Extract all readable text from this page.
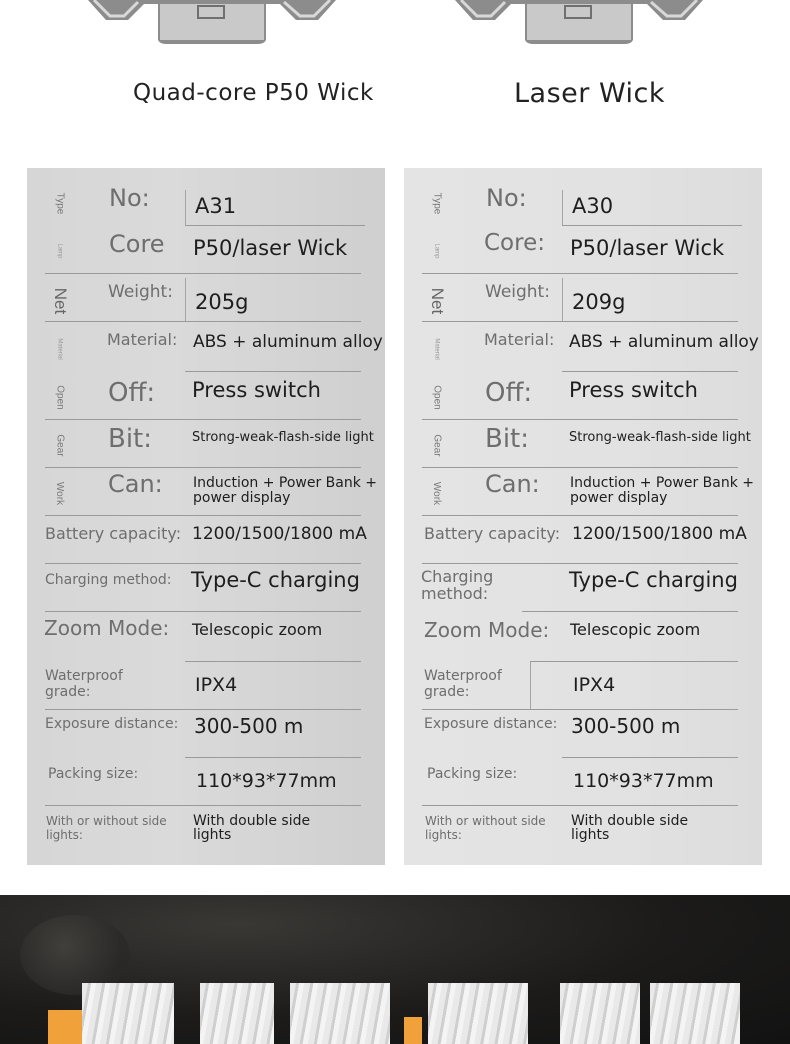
Quad-core P50 Wick	Laser Wick
Type No: A31
Lamp Core P50/laser Wick
Net Weight: 205g
Material	Material: ABS + aluminum alloy
Open Off: Press switch
Gear Bit:	Strong-weak-flash-side light
Work Can: Induction + Power Bank + power display
Battery capacity: 1200/1500/1800 mA
Charging method: Type-C charging
Zoom Mode: Telescopic zoom
Waterproof grade:	IPX4
Exposure distance: 300-500 m
Packing size:	110*93*77mm
With or without side lights:
With double side lights
Type No: A30
Lamp Core: P50/laser Wick
Net Weight: 209g
Material	Material: ABS + aluminum alloy
Open Off: Press switch
Gear Bit:	Strong-weak-flash-side light
Work Can: Induction + Power Bank + power display
Battery capacity: 1200/1500/1800 mA
Charging method:
Type-C charging
Zoom Mode: Telescopic zoom
Waterproof grade:	IPX4
Exposure distance: 300-500 m
Packing size:	110*93*77mm
With or without side lights:
With double side lights
